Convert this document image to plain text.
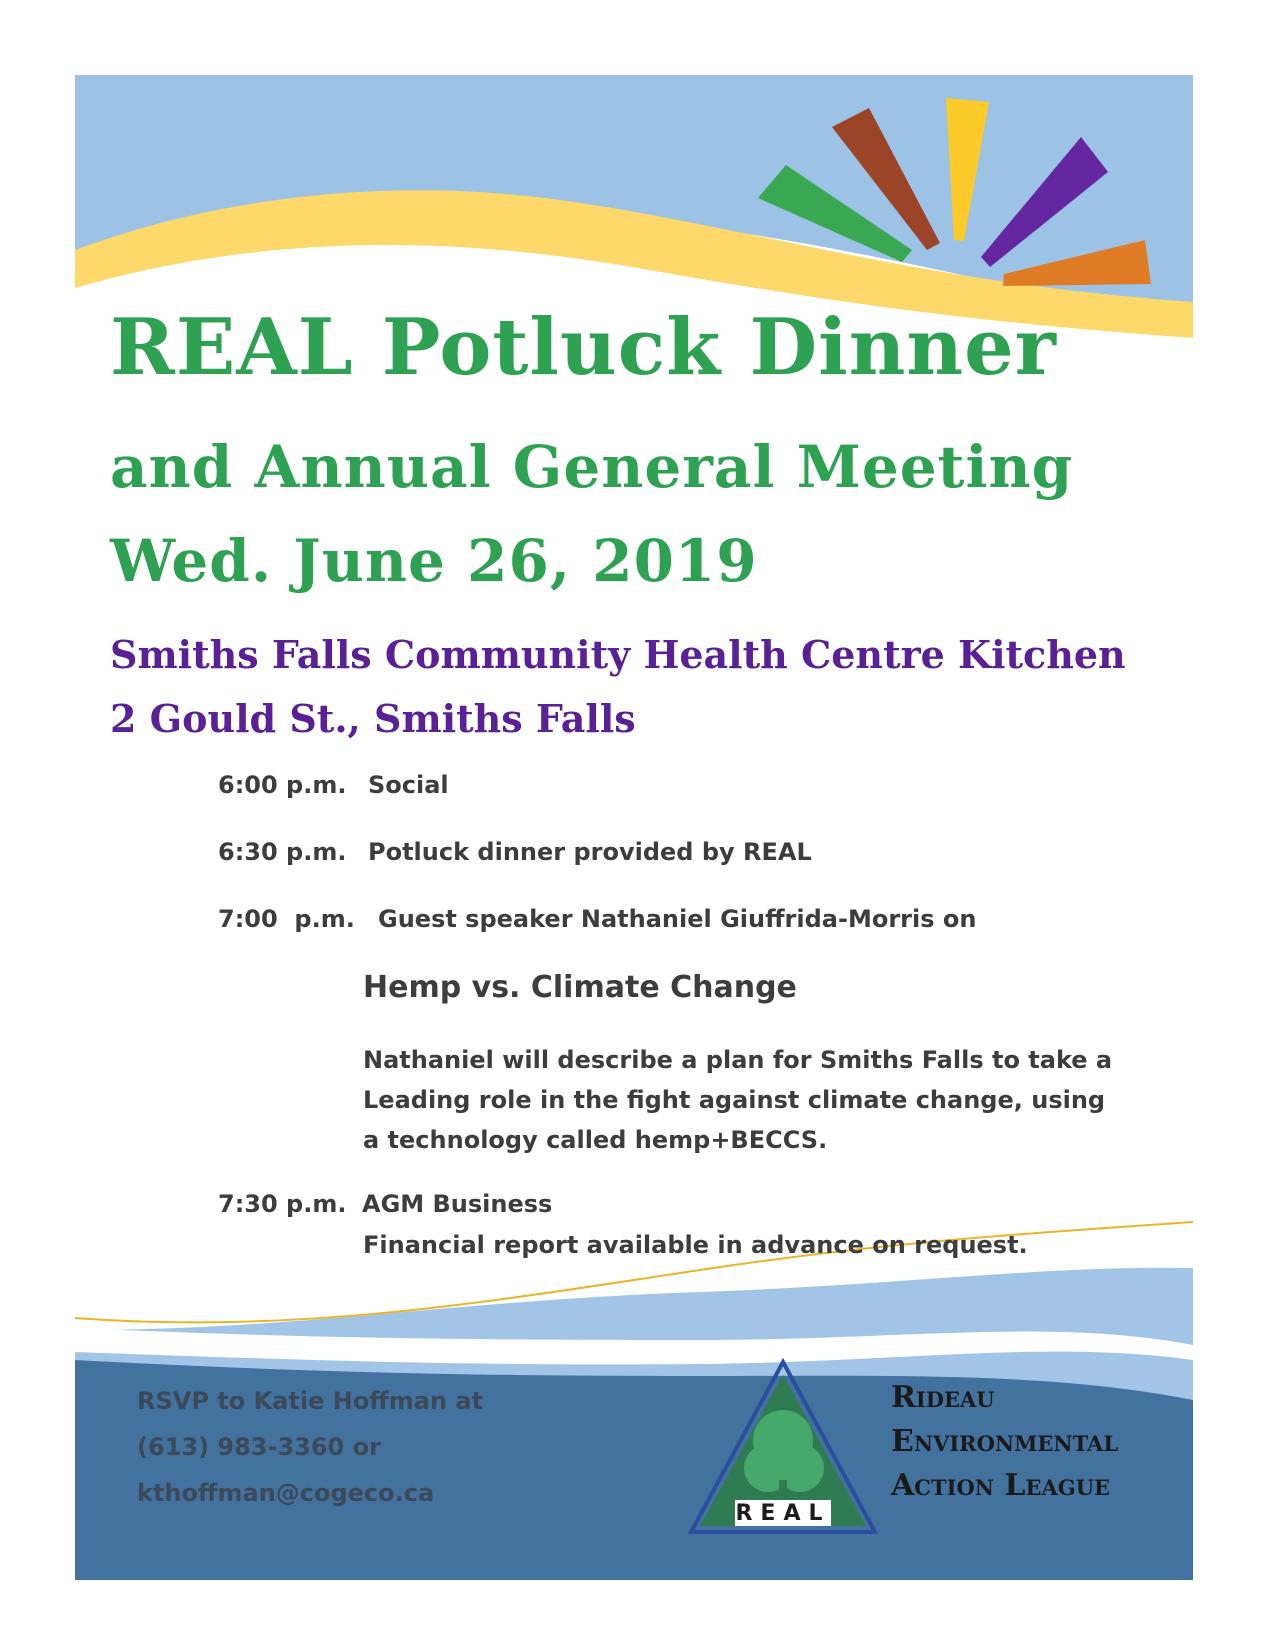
REAL
REAL Potluck Dinner
and Annual General Meeting
Wed. June 26, 2019
Smiths Falls Community Health Centre Kitchen
2 Gould St., Smiths Falls
6:00 p.m. Social
6:30 p.m. Potluck dinner provided by REAL
7:00  p.m. Guest speaker Nathaniel Giuffrida-Morris on
Hemp vs. Climate Change
Nathaniel will describe a plan for Smiths Falls to take a
Leading role in the fight against climate change, using
a technology called hemp+BECCS.
7:30 p.m. AGM Business
Financial report available in advance on request.
RSVP to Katie Hoffman at
(613) 983-3360 or
kthoffman@cogeco.ca
Rideau
Environmental
Action League
